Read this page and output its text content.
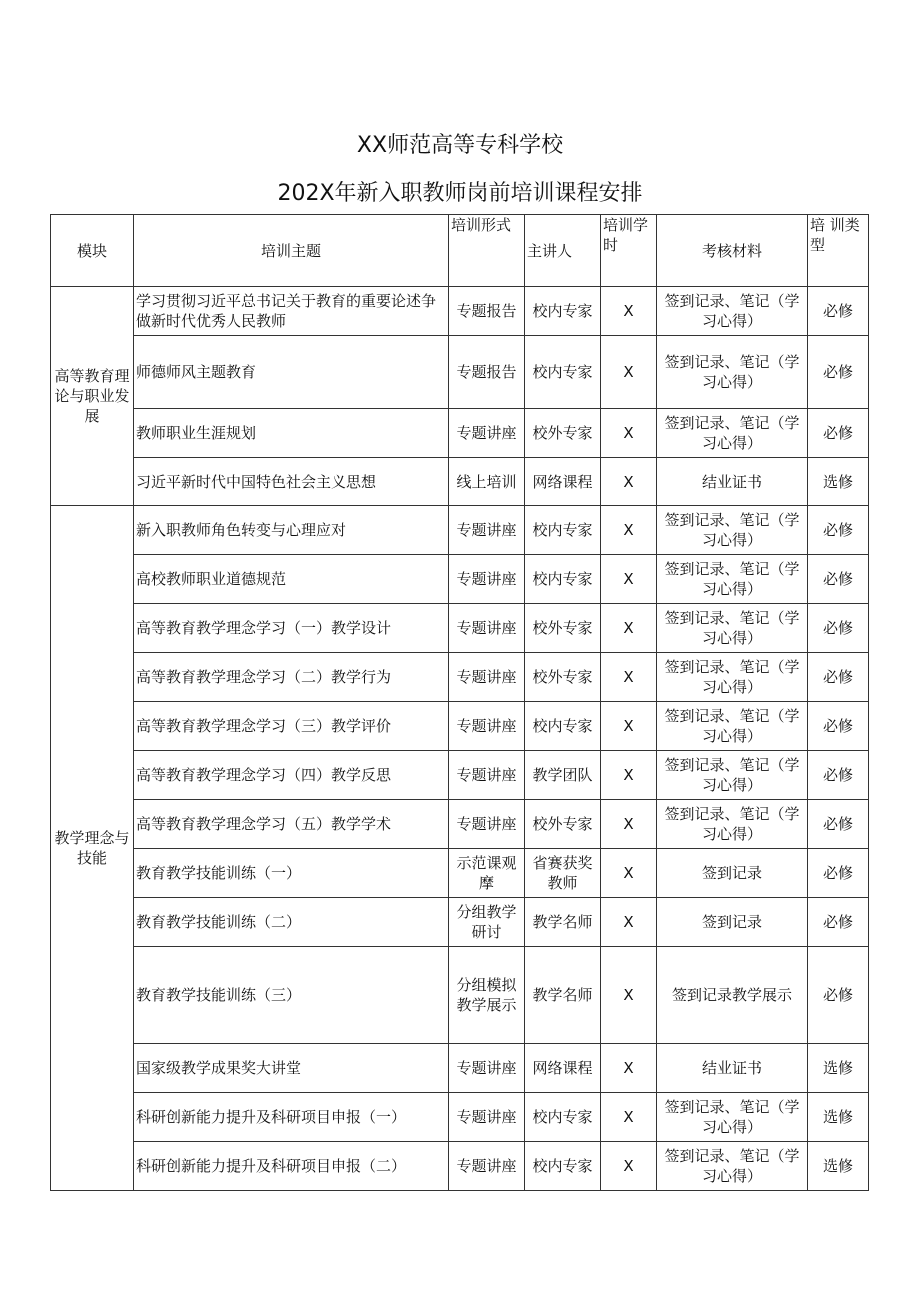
XX师范高等专科学校
202X年新入职教师岗前培训课程安排
模块	培训主题	培训形式	主讲人	培训学时	考核材料	培 训类型
高等教育理论与职业发展	学习贯彻习近平总书记关于教育的重要论述争做新时代优秀人民教师	专题报告	校内专家	X	签到记录、笔记（学习心得）	必修
	师德师风主题教育	专题报告	校内专家	X	签到记录、笔记（学习心得）	必修
	教师职业生涯规划	专题讲座	校外专家	X	签到记录、笔记（学习心得）	必修
	习近平新时代中国特色社会主义思想	线上培训	网络课程	X	结业证书	选修
教学理念与技能	新入职教师角色转变与心理应对	专题讲座	校内专家	X	签到记录、笔记（学习心得）	必修
	高校教师职业道德规范	专题讲座	校内专家	X	签到记录、笔记（学习心得）	必修
	高等教育教学理念学习（一）教学设计	专题讲座	校外专家	X	签到记录、笔记（学习心得）	必修
	高等教育教学理念学习（二）教学行为	专题讲座	校外专家	X	签到记录、笔记（学习心得）	必修
	高等教育教学理念学习（三）教学评价	专题讲座	校内专家	X	签到记录、笔记（学习心得）	必修
	高等教育教学理念学习（四）教学反思	专题讲座	教学团队	X	签到记录、笔记（学习心得）	必修
	高等教育教学理念学习（五）教学学术	专题讲座	校外专家	X	签到记录、笔记（学习心得）	必修
	教育教学技能训练（一）	示范课观摩	省赛获奖教师	X	签到记录	必修
	教育教学技能训练（二）	分组教学研讨	教学名师	X	签到记录	必修
	教育教学技能训练（三）	分组模拟教学展示	教学名师	X	签到记录教学展示	必修
	国家级教学成果奖大讲堂	专题讲座	网络课程	X	结业证书	选修
	科研创新能力提升及科研项目申报（一）	专题讲座	校内专家	X	签到记录、笔记（学习心得）	选修
	科研创新能力提升及科研项目申报（二）	专题讲座	校内专家	X	签到记录、笔记（学习心得）	选修
